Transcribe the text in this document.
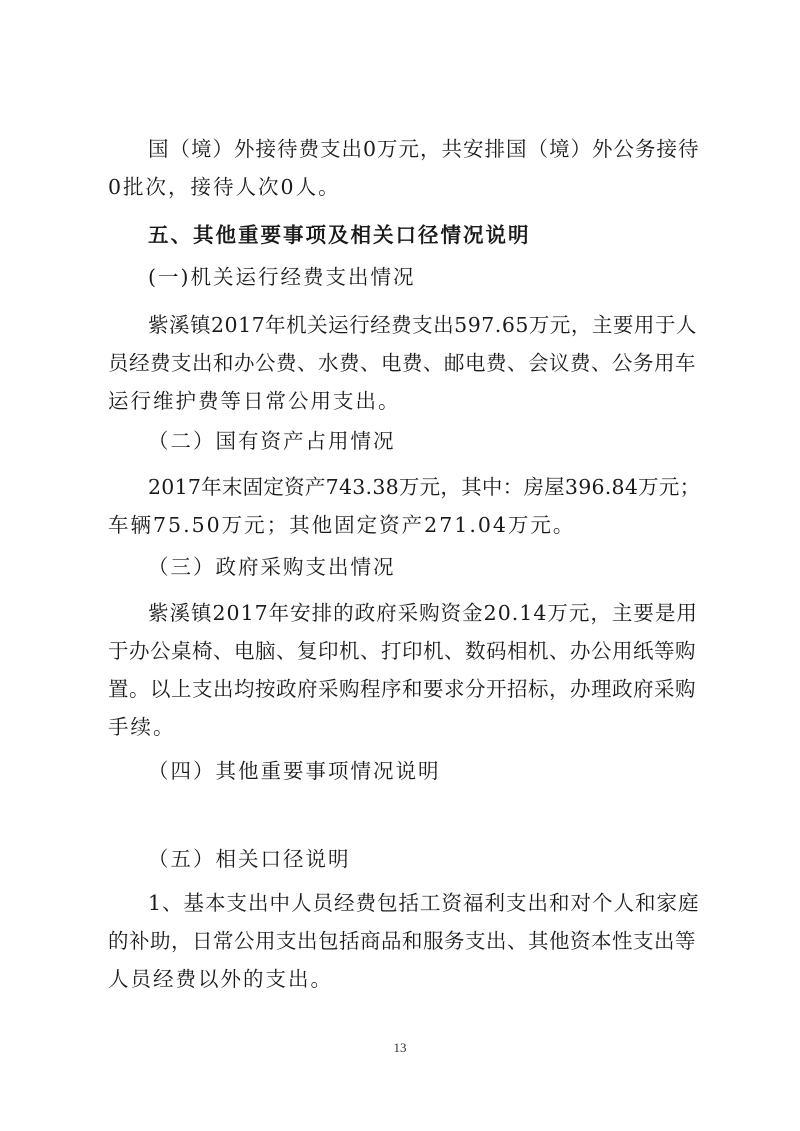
国（境）外接待费支出0万元，共安排国（境）外公务接待
0批次，接待人次0人。
五、其他重要事项及相关口径情况说明
(一)机关运行经费支出情况
紫溪镇2017年机关运行经费支出597.65万元，主要用于人
员经费支出和办公费、水费、电费、邮电费、会议费、公务用车
运行维护费等日常公用支出。
（二）国有资产占用情况
2017年末固定资产743.38万元，其中：房屋396.84万元；
车辆75.50万元；其他固定资产271.04万元。
（三）政府采购支出情况
紫溪镇2017年安排的政府采购资金20.14万元，主要是用
于办公桌椅、电脑、复印机、打印机、数码相机、办公用纸等购
置。以上支出均按政府采购程序和要求分开招标，办理政府采购
手续。
（四）其他重要事项情况说明
（五）相关口径说明
1、基本支出中人员经费包括工资福利支出和对个人和家庭
的补助，日常公用支出包括商品和服务支出、其他资本性支出等
人员经费以外的支出。
13
